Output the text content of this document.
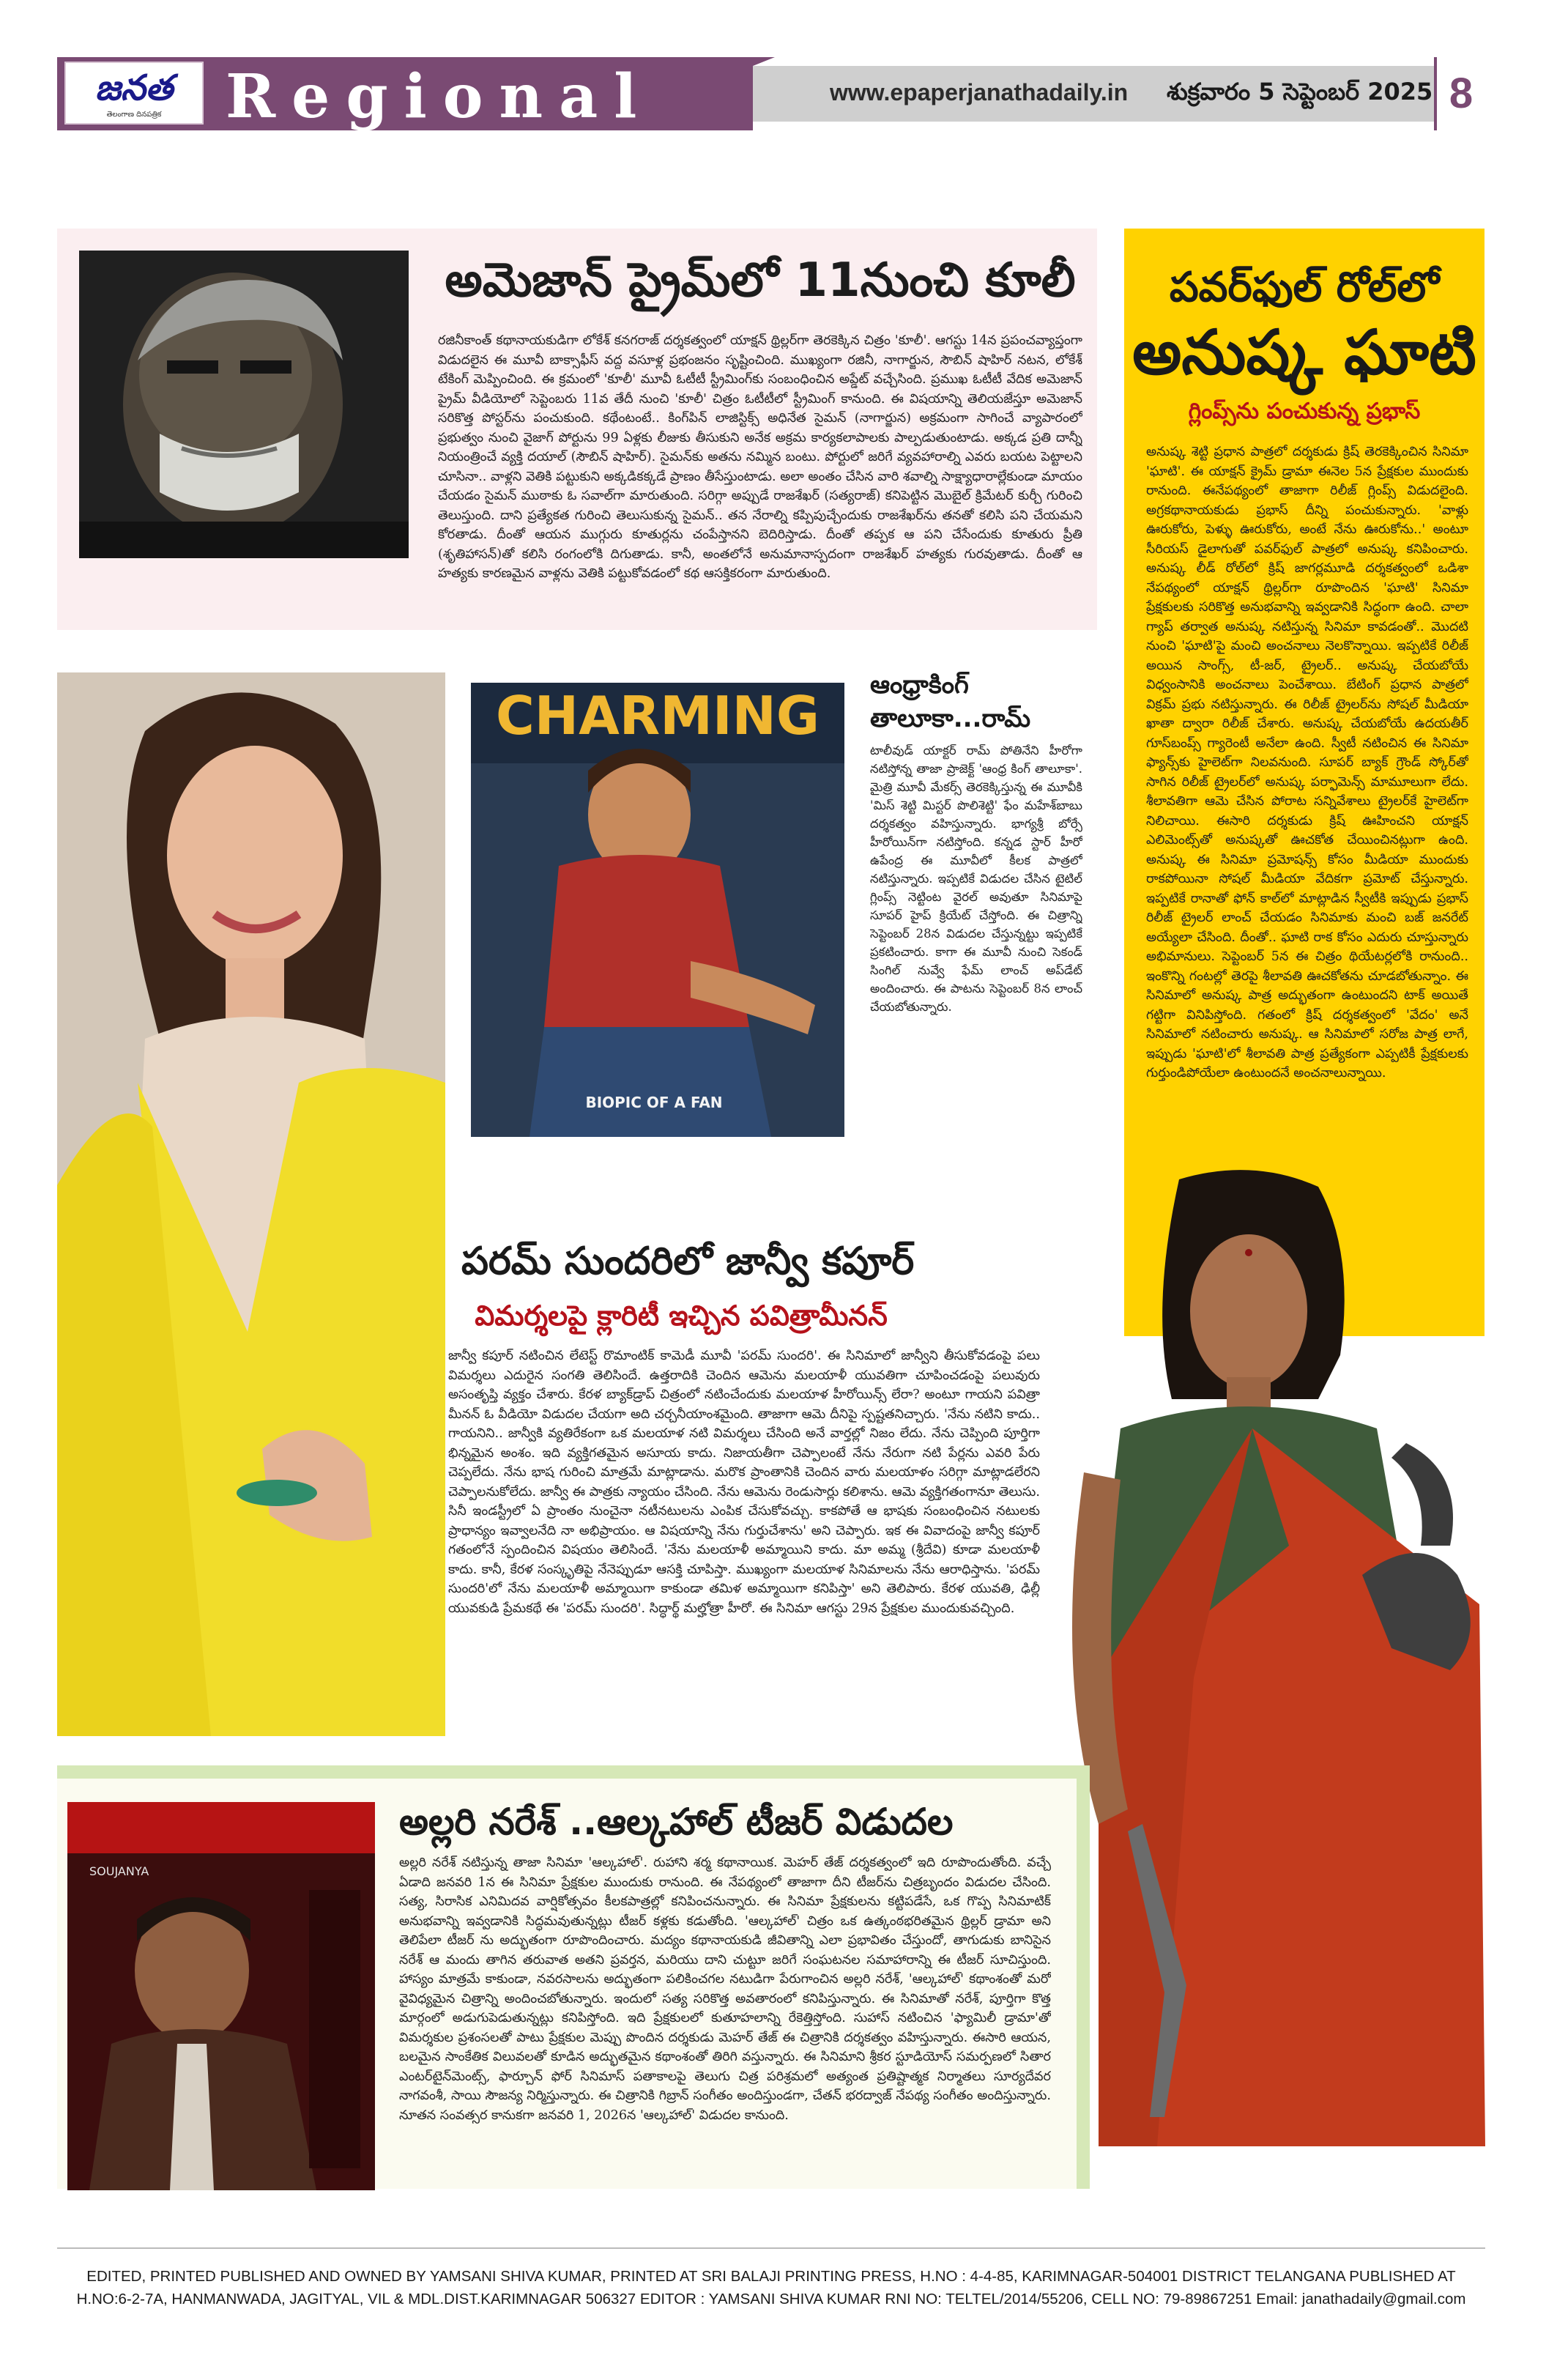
జనత
తెలంగాణ దినపత్రిక	Regional	www.epaperjanathadaily.in శుక్రవారం 5 సెప్టెంబర్ 2025 8
అమెజాన్ ప్రైమ్‌లో 11నుంచి కూలీ
రజినీకాంత్ కథానాయకుడిగా లోకేశ్ కనగరాజ్ దర్శకత్వంలో యాక్షన్ థ్రిల్లర్‌గా తెరకెక్కిన చిత్రం 'కూలీ'. ఆగస్టు 14న ప్రపంచవ్యాప్తంగా విడుదలైన ఈ మూవీ బాక్సాఫీస్ వద్ద వసూళ్ల ప్రభంజనం సృష్టించింది. ముఖ్యంగా రజినీ, నాగార్జున, సౌబిన్ షాహిర్ నటన, లోకేశ్ టేకింగ్ మెప్పించింది. ఈ క్రమంలో 'కూలీ' మూవీ ఓటీటీ స్ట్రీమింగ్‌కు సంబంధించిన అప్డేట్ వచ్చేసింది. ప్రముఖ ఓటీటీ వేదిక అమెజాన్ ప్రైమ్ వీడియోలో సెప్టెంబరు 11వ తేదీ నుంచి 'కూలీ' చిత్రం ఓటీటీలో స్ట్రీమింగ్ కానుంది. ఈ విషయాన్ని తెలియజేస్తూ అమెజాన్ సరికొత్త పోస్టర్‌ను పంచుకుంది. కథేంటంటే.. కింగ్‌పిన్ లాజిస్టిక్స్ అధినేత సైమన్ (నాగార్జున) అక్రమంగా సాగించే వ్యాపారంలో ప్రభుత్వం నుంచి వైజాగ్ పోర్టును 99 ఏళ్లకు లీజుకు తీసుకుని అనేక అక్రమ కార్యకలాపాలకు పాల్పడుతుంటాడు. అక్కడ ప్రతి దాన్నీ నియంత్రించే వ్యక్తి దయాల్ (సౌబిన్ షాహిర్). సైమన్‌కు అతను నమ్మిన బంటు. పోర్టులో జరిగే వ్యవహారాల్ని ఎవరు బయట పెట్టాలని చూసినా.. వాళ్లని వెతికి పట్టుకుని అక్కడికక్కడే ప్రాణం తీసేస్తుంటాడు. అలా అంతం చేసిన వారి శవాల్ని సాక్ష్యాధారాల్లేకుండా మాయం చేయడం సైమన్ ముఠాకు ఓ సవాల్‌గా మారుతుంది. సరిగ్గా అప్పుడే రాజశేఖర్ (సత్యరాజ్) కనిపెట్టిన మొబైల్ క్రిమేటర్ కుర్చీ గురించి తెలుస్తుంది. దాని ప్రత్యేకత గురించి తెలుసుకున్న సైమన్.. తన నేరాల్ని కప్పిపుచ్చేందుకు రాజశేఖర్‌ను తనతో కలిసి పని చేయమని కోరతాడు. దీంతో ఆయన ముగ్గురు కూతుర్లను చంపేస్తానని బెదిరిస్తాడు. దీంతో తప్పక ఆ పని చేసేందుకు కూతురు ప్రీతి (శృతిహాసన్)తో కలిసి రంగంలోకి దిగుతాడు. కానీ, అంతలోనే అనుమానాస్పదంగా రాజశేఖర్ హత్యకు గురవుతాడు. దీంతో ఆ హత్యకు కారణమైన వాళ్లను వెతికి పట్టుకోవడంలో కథ ఆసక్తికరంగా మారుతుంది.
పవర్‌ఫుల్ రోల్‌లో
అనుష్క ఘాటి
గ్లింప్స్‌ను పంచుకున్న ప్రభాస్
అనుష్క శెట్టి ప్రధాన పాత్రలో దర్శకుడు క్రిష్ తెరకెక్కించిన సినిమా 'ఘాటి'. ఈ యాక్షన్ క్రైమ్ డ్రామా ఈనెల 5న ప్రేక్షకుల ముందుకు రానుంది. ఈనేపథ్యంలో తాజాగా రిలీజ్ గ్లింప్స్ విడుదలైంది. అగ్రకథానాయకుడు ప్రభాస్ దీన్ని పంచుకున్నారు. 'వాళ్లు ఊరుకోరు, పెళ్ళు ఊరుకోరు, అంటే నేను ఊరుకోను..' అంటూ సీరియస్ డైలాగుతో పవర్‌ఫుల్ పాత్రలో అనుష్క కనిపించారు. అనుష్క లీడ్ రోల్‌లో క్రిష్ జాగర్లమూడి దర్శకత్వంలో ఒడిశా నేపథ్యంలో యాక్షన్ థ్రిల్లర్‌గా రూపొందిన 'ఘాటి' సినిమా ప్రేక్షకులకు సరికొత్త అనుభవాన్ని ఇవ్వడానికి సిద్ధంగా ఉంది. చాలా గ్యాప్ తర్వాత అనుష్క నటిస్తున్న సినిమా కావడంతో.. మొదటి నుంచి 'ఘాటి'పై మంచి అంచనాలు నెలకొన్నాయి. ఇప్పటికే రిలీజ్ అయిన సాంగ్స్, టీ-జర్, ట్రైలర్.. అనుష్క చేయబోయే విధ్వంసానికి అంచనాలు పెంచేశాయి. బేటింగ్ ప్రధాన పాత్రలో విక్రమ్ ప్రభు నటిస్తున్నారు. ఈ రిలీజ్ ట్రైలర్‌ను సోషల్ మీడియా ఖాతా ద్వారా రిలీజ్ చేశారు. అనుష్క చేయబోయే ఉదయతీర్ గూస్‌బంప్స్ గ్యారెంటీ అనేలా ఉంది. స్వీటీ నటించిన ఈ సినిమా ఫ్యాన్స్‌కు హైలెట్‌గా నిలవనుంది. సూపర్ బ్యాక్ గ్రౌండ్ స్కోర్‌తో సాగిన రిలీజ్ ట్రైలర్‌లో అనుష్క పర్ఫామెన్స్ మామూలుగా లేదు. శీలావతిగా ఆమె చేసిన పోరాట సన్నివేశాలు ట్రైలర్‌కే హైలెట్‌గా నిలిచాయి. ఈసారి దర్శకుడు క్రిష్ ఊహించని యాక్షన్ ఎలిమెంట్స్‌తో అనుష్కతో ఊచకోత చేయించినట్లుగా ఉంది. అనుష్క ఈ సినిమా ప్రమోషన్స్ కోసం మీడియా ముందుకు రాకపోయినా సోషల్ మీడియా వేదికగా ప్రమోట్ చేస్తున్నారు. ఇప్పటికే రానాతో ఫోన్ కాల్‌లో మాట్లాడిన స్వీటీకి ఇప్పుడు ప్రభాస్ రిలీజ్ ట్రైలర్ లాంచ్ చేయడం సినిమాకు మంచి బజ్ జనరేట్ అయ్యేలా చేసింది. దీంతో.. ఘాటి రాక కోసం ఎదురు చూస్తున్నారు అభిమానులు. సెప్టెంబర్ 5న ఈ చిత్రం థియేటర్లలోకి రానుంది.. ఇంకొన్ని గంటల్లో తెరపై శీలావతి ఊచకోతను చూడబోతున్నాం. ఈ సినిమాలో అనుష్క పాత్ర అద్భుతంగా ఉంటుందని టాక్ అయితే గట్టిగా వినిపిస్తోంది. గతంలో క్రిష్ దర్శకత్వంలో 'వేదం' అనే సినిమాలో నటించారు అనుష్క. ఆ సినిమాలో సరోజ పాత్ర లాగే, ఇప్పుడు 'ఘాటి'లో శీలావతి పాత్ర ప్రత్యేకంగా ఎప్పటికీ ప్రేక్షకులకు గుర్తుండిపోయేలా ఉంటుందనే అంచనాలున్నాయి.
CHARMING
BIOPIC OF A FAN
ఆంధ్రాకింగ్ తాలూకా...రామ్
టాలీవుడ్ యాక్టర్ రామ్ పోతినేని హీరోగా నటిస్తోన్న తాజా ప్రాజెక్ట్ 'ఆంధ్ర కింగ్ తాలూకా'. మైత్రి మూవీ మేకర్స్ తెరకెక్కిస్తున్న ఈ మూవీకి 'మిస్ శెట్టి మిస్టర్ పొలిశెట్టి' ఫేం మహేశ్‌బాబు దర్శకత్వం వహిస్తున్నారు. భాగ్యశ్రీ బోర్సే హీరోయిన్‌గా నటిస్తోంది. కన్నడ స్టార్ హీరో ఉపేంద్ర ఈ మూవీలో కీలక పాత్రలో నటిస్తున్నారు. ఇప్పటికే విడుదల చేసిన టైటిల్ గ్లింప్స్ నెట్టింట వైరల్ అవుతూ సినిమాపై సూపర్ హైప్ క్రియేట్ చేస్తోంది. ఈ చిత్రాన్ని సెప్టెంబర్ 28న విడుదల చేస్తున్నట్టు ఇప్పటికే ప్రకటించారు. కాగా ఈ మూవీ నుంచి సెకండ్ సింగిల్ నువ్వే ఫేమ్ లాంచ్ అప్‌డేట్ అందించారు. ఈ పాటను సెప్టెంబర్ 8న లాంచ్ చేయబోతున్నారు.
పరమ్ సుందరిలో జాన్వీ కపూర్
విమర్శలపై క్లారిటీ ఇచ్చిన పవిత్రామీనన్
జాన్వీ కపూర్ నటించిన లేటెస్ట్ రొమాంటిక్ కామెడీ మూవీ 'పరమ్ సుందరి'. ఈ సినిమాలో జాన్వీని తీసుకోవడంపై పలు విమర్శలు ఎదురైన సంగతి తెలిసిందే. ఉత్తరాదికి చెందిన ఆమెను మలయాళీ యువతిగా చూపించడంపై పలువురు అసంతృప్తి వ్యక్తం చేశారు. కేరళ బ్యాక్‌డ్రాప్ చిత్రంలో నటించేందుకు మలయాళ హీరోయిన్స్ లేరా? అంటూ గాయని పవిత్రా మీనన్ ఓ వీడియో విడుదల చేయగా అది చర్చనీయాంశమైంది. తాజాగా ఆమె దీనిపై స్పష్టతనిచ్చారు. 'నేను నటిని కాదు.. గాయనిని.. జాన్వీకి వ్యతిరేకంగా ఒక మలయాళ నటి విమర్శలు చేసింది అనే వార్తల్లో నిజం లేదు. నేను చెప్పింది పూర్తిగా భిన్నమైన అంశం. ఇది వ్యక్తిగతమైన అసూయ కాదు. నిజాయతీగా చెప్పాలంటే నేను నేరుగా నటి పేర్లను ఎవరి పేరు చెప్పలేదు. నేను భాష గురించి మాత్రమే మాట్లాడాను. మరొక ప్రాంతానికి చెందిన వారు మలయాళం సరిగ్గా మాట్లాడలేరని చెప్పాలనుకోలేదు. జాన్వీ ఈ పాత్రకు న్యాయం చేసింది. నేను ఆమెను రెండుసార్లు కలిశాను. ఆమె వ్యక్తిగతంగానూ తెలుసు. సినీ ఇండస్ట్రీలో ఏ ప్రాంతం నుంచైనా నటీనటులను ఎంపిక చేసుకోవచ్చు. కాకపోతే ఆ భాషకు సంబంధించిన నటులకు ప్రాధాన్యం ఇవ్వాలనేది నా అభిప్రాయం. ఆ విషయాన్ని నేను గుర్తుచేశాను' అని చెప్పారు. ఇక ఈ వివాదంపై జాన్వీ కపూర్ గతంలోనే స్పందించిన విషయం తెలిసిందే. 'నేను మలయాళీ అమ్మాయిని కాదు. మా అమ్మ (శ్రీదేవి) కూడా మలయాళీ కాదు. కానీ, కేరళ సంస్కృతిపై నేనెప్పుడూ ఆసక్తి చూపిస్తా. ముఖ్యంగా మలయాళ సినిమాలను నేను ఆరాధిస్తాను. 'పరమ్ సుందరి'లో నేను మలయాళీ అమ్మాయిగా కాకుండా తమిళ అమ్మాయిగా కనిపిస్తా' అని తెలిపారు. కేరళ యువతి, ఢిల్లీ యువకుడి ప్రేమకథే ఈ 'పరమ్ సుందరి'. సిద్ధార్థ్ మల్హోత్రా హీరో. ఈ సినిమా ఆగస్టు 29న ప్రేక్షకుల ముందుకువచ్చింది.
SOUJANYA
అల్లరి నరేశ్ ..ఆల్కహాల్ టీజర్ విడుదల
అల్లరి నరేశ్ నటిస్తున్న తాజా సినిమా 'ఆల్కహాల్'. రుహాని శర్మ కథానాయిక. మెహర్ తేజ్ దర్శకత్వంలో ఇది రూపొందుతోంది. వచ్చే ఏడాది జనవరి 1న ఈ సినిమా ప్రేక్షకుల ముందుకు రానుంది. ఈ నేపథ్యంలో తాజాగా దీని టీజర్‌ను చిత్రబృందం విడుదల చేసింది. సత్య, సిరాసిక ఎనిమిదవ వార్షికోత్సవం కీలకపాత్రల్లో కనిపించనున్నారు. ఈ సినిమా ప్రేక్షకులను కట్టిపడేసే, ఒక గొప్ప సినిమాటిక్ అనుభవాన్ని ఇవ్వడానికి సిద్ధమవుతున్నట్లు టీజర్ కళ్లకు కడుతోంది. 'ఆల్కహాల్' చిత్రం ఒక ఉత్కంఠభరితమైన థ్రిల్లర్ డ్రామా అని తెలిపేలా టీజర్ ను అద్భుతంగా రూపొందించారు. మద్యం కథానాయకుడి జీవితాన్ని ఎలా ప్రభావితం చేస్తుందో, తాగుడుకు బానిసైన నరేశ్ ఆ మందు తాగిన తరువాత అతని ప్రవర్తన, మరియు దాని చుట్టూ జరిగే సంఘటనల సమాహారాన్ని ఈ టీజర్ సూచిస్తుంది. హాస్యం మాత్రమే కాకుండా, నవరసాలను అద్భుతంగా పలికించగల నటుడిగా పేరుగాంచిన అల్లరి నరేశ్, 'ఆల్కహాల్' కథాంశంతో మరో వైవిధ్యమైన చిత్రాన్ని అందించబోతున్నారు. ఇందులో సత్య సరికొత్త అవతారంలో కనిపిస్తున్నారు. ఈ సినిమాతో నరేశ్, పూర్తిగా కొత్త మార్గంలో అడుగుపెడుతున్నట్లు కనిపిస్తోంది. ఇది ప్రేక్షకులలో కుతూహలాన్ని రేకెత్తిస్తోంది. సుహాస్ నటించిన 'ఫ్యామిలీ డ్రామా'తో విమర్శకుల ప్రశంసలతో పాటు ప్రేక్షకుల మెప్పు పొందిన దర్శకుడు మెహర్ తేజ్ ఈ చిత్రానికి దర్శకత్వం వహిస్తున్నారు. ఈసారి ఆయన, బలమైన సాంకేతిక విలువలతో కూడిన అద్భుతమైన కథాంశంతో తిరిగి వస్తున్నారు. ఈ సినిమాని శ్రీకర స్టూడియోస్ సమర్పణలో సితార ఎంటర్‌టైన్‌మెంట్స్, ఫార్చూన్ ఫోర్ సినిమాస్ పతాకాలపై తెలుగు చిత్ర పరిశ్రమలో అత్యంత ప్రతిష్టాత్మక నిర్మాతలు సూర్యదేవర నాగవంశీ, సాయి సౌజన్య నిర్మిస్తున్నారు. ఈ చిత్రానికి గిబ్రాన్ సంగీతం అందిస్తుండగా, చేతన్ భరద్వాజ్ నేపథ్య సంగీతం అందిస్తున్నారు. నూతన సంవత్సర కానుకగా జనవరి 1, 2026న 'ఆల్కహాల్' విడుదల కానుంది.
EDITED, PRINTED PUBLISHED AND OWNED BY YAMSANI SHIVA KUMAR, PRINTED AT SRI BALAJI PRINTING PRESS, H.NO : 4-4-85, KARIMNAGAR-504001 DISTRICT TELANGANA PUBLISHED AT
H.NO:6-2-7A, HANMANWADA, JAGITYAL, VIL & MDL.DIST.KARIMNAGAR 506327 EDITOR : YAMSANI SHIVA KUMAR RNI NO: TELTEL/2014/55206, CELL NO: 79-89867251 Email: janathadaily@gmail.com
